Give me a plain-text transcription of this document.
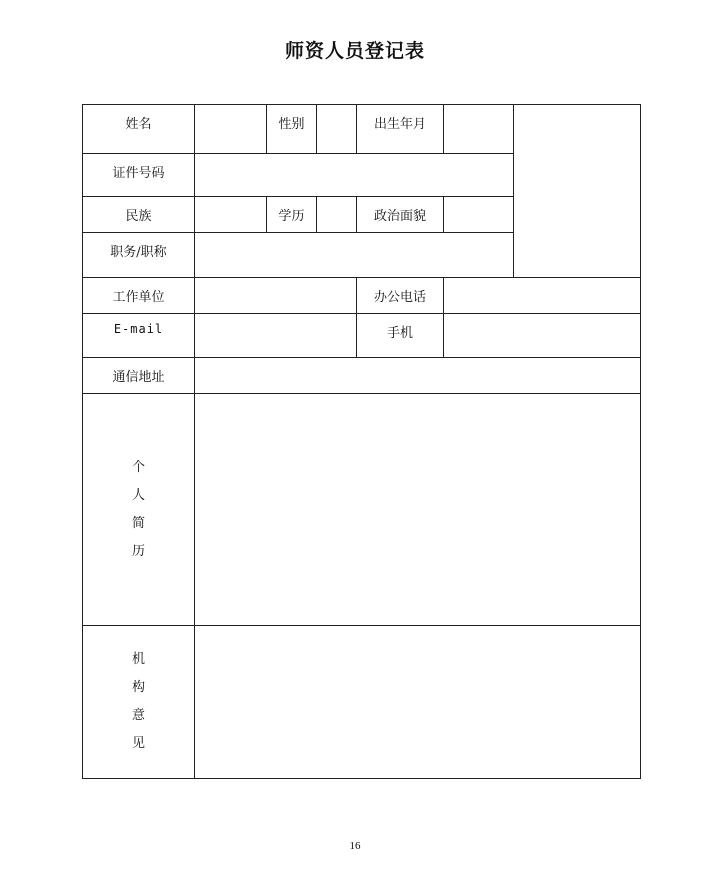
师资人员登记表
姓名		性别		出生年月		
证件号码						
民族		学历		政治面貌		
职务/职称						
工作单位				办公电话		
E-mail				手机		
通信地址						

个
人
简
历						

机
构
意
见						

16
